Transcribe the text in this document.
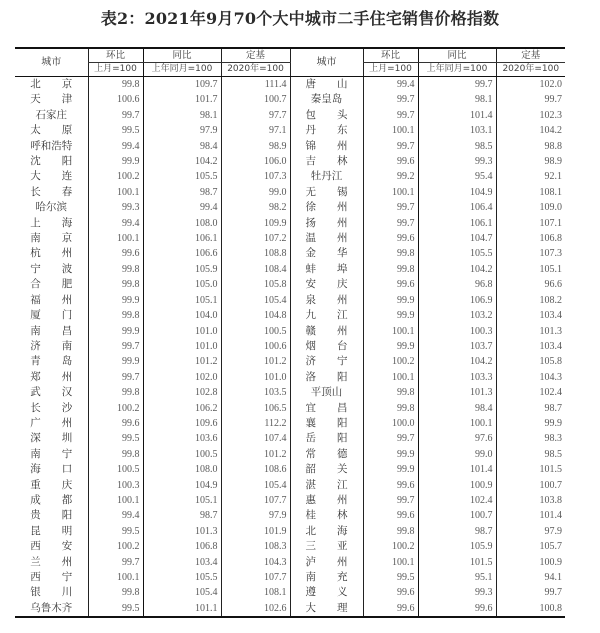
表2：2021年9月70个大中城市二手住宅销售价格指数
城市	环比	同比	定基	城市	环比	同比	定基
	上月=100	上年同月=100	2020年=100		上月=100	上年同月=100	2020年=100
北　　京	99.8	109.7	111.4	唐　　山	99.4	99.7	102.0
天　　津	100.6	101.7	100.7	秦皇岛	99.7	98.1	99.7
石家庄	99.7	98.1	97.7	包　　头	99.7	101.4	102.3
太　　原	99.5	97.9	97.1	丹　　东	100.1	103.1	104.2
呼和浩特	99.4	98.4	98.9	锦　　州	99.7	98.5	98.8
沈　　阳	99.9	104.2	106.0	吉　　林	99.6	99.3	98.9
大　　连	100.2	105.5	107.3	牡丹江	99.2	95.4	92.1
长　　春	100.1	98.7	99.0	无　　锡	100.1	104.9	108.1
哈尔滨	99.3	99.4	98.2	徐　　州	99.7	106.4	109.0
上　　海	99.4	108.0	109.9	扬　　州	99.7	106.1	107.1
南　　京	100.1	106.1	107.2	温　　州	99.6	104.7	106.8
杭　　州	99.6	106.6	108.8	金　　华	99.8	105.5	107.3
宁　　波	99.8	105.9	108.4	蚌　　埠	99.8	104.2	105.1
合　　肥	99.8	105.0	105.8	安　　庆	99.6	96.8	96.6
福　　州	99.9	105.1	105.4	泉　　州	99.9	106.9	108.2
厦　　门	99.8	104.0	104.8	九　　江	99.9	103.2	103.4
南　　昌	99.9	101.0	100.5	赣　　州	100.1	100.3	101.3
济　　南	99.7	101.0	100.6	烟　　台	99.9	103.7	103.4
青　　岛	99.9	101.2	101.2	济　　宁	100.2	104.2	105.8
郑　　州	99.7	102.0	101.0	洛　　阳	100.1	103.3	104.3
武　　汉	99.8	102.8	103.5	平顶山	99.8	101.3	102.4
长　　沙	100.2	106.2	106.5	宜　　昌	99.8	98.4	98.7
广　　州	99.6	109.6	112.2	襄　　阳	100.0	100.1	99.9
深　　圳	99.5	103.6	107.4	岳　　阳	99.7	97.6	98.3
南　　宁	99.8	100.5	101.2	常　　德	99.9	99.0	98.5
海　　口	100.5	108.0	108.6	韶　　关	99.9	101.4	101.5
重　　庆	100.3	104.9	105.4	湛　　江	99.6	100.9	100.7
成　　都	100.1	105.1	107.7	惠　　州	99.7	102.4	103.8
贵　　阳	99.4	98.7	97.9	桂　　林	99.6	100.7	101.4
昆　　明	99.5	101.3	101.9	北　　海	99.8	98.7	97.9
西　　安	100.2	106.8	108.3	三　　亚	100.2	105.9	105.7
兰　　州	99.7	103.4	104.3	泸　　州	100.1	101.5	100.9
西　　宁	100.1	105.5	107.7	南　　充	99.5	95.1	94.1
银　　川	99.8	105.4	108.1	遵　　义	99.6	99.3	99.7
乌鲁木齐	99.5	101.1	102.6	大　　理	99.6	99.6	100.8
